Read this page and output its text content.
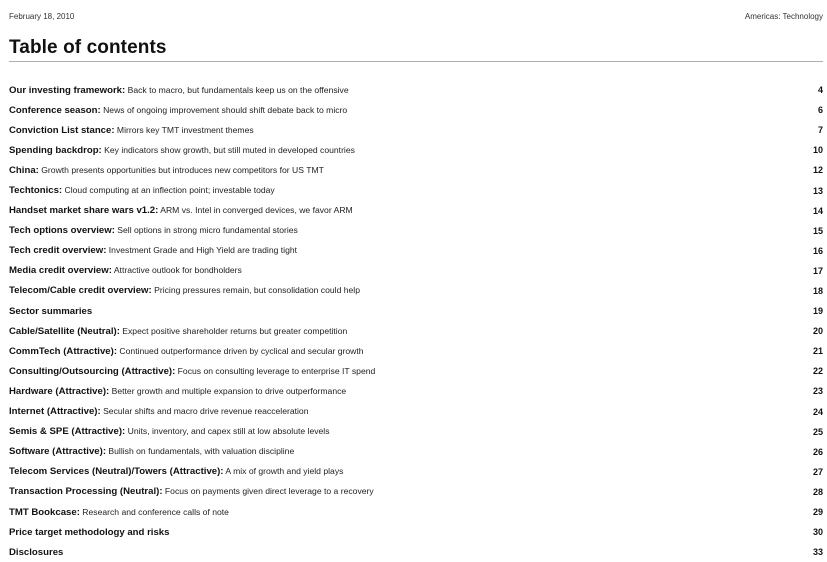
February 18, 2010	Americas: Technology
Table of contents
Our investing framework: Back to macro, but fundamentals keep us on the offensive	4
Conference season: News of ongoing improvement should shift debate back to micro	6
Conviction List stance: Mirrors key TMT investment themes	7
Spending backdrop: Key indicators show growth, but still muted in developed countries	10
China: Growth presents opportunities but introduces new competitors for US TMT	12
Techtonics: Cloud computing at an inflection point; investable today	13
Handset market share wars v1.2: ARM vs. Intel in converged devices, we favor ARM	14
Tech options overview: Sell options in strong micro fundamental stories	15
Tech credit overview: Investment Grade and High Yield are trading tight	16
Media credit overview: Attractive outlook for bondholders	17
Telecom/Cable credit overview: Pricing pressures remain, but consolidation could help	18
Sector summaries	19
Cable/Satellite (Neutral): Expect positive shareholder returns but greater competition	20
CommTech (Attractive): Continued outperformance driven by cyclical and secular growth	21
Consulting/Outsourcing (Attractive): Focus on consulting leverage to enterprise IT spend	22
Hardware (Attractive): Better growth and multiple expansion to drive outperformance	23
Internet (Attractive): Secular shifts and macro drive revenue reacceleration	24
Semis & SPE (Attractive): Units, inventory, and capex still at low absolute levels	25
Software (Attractive): Bullish on fundamentals, with valuation discipline	26
Telecom Services (Neutral)/Towers (Attractive): A mix of growth and yield plays	27
Transaction Processing (Neutral): Focus on payments given direct leverage to a recovery	28
TMT Bookcase: Research and conference calls of note	29
Price target methodology and risks	30
Disclosures	33
